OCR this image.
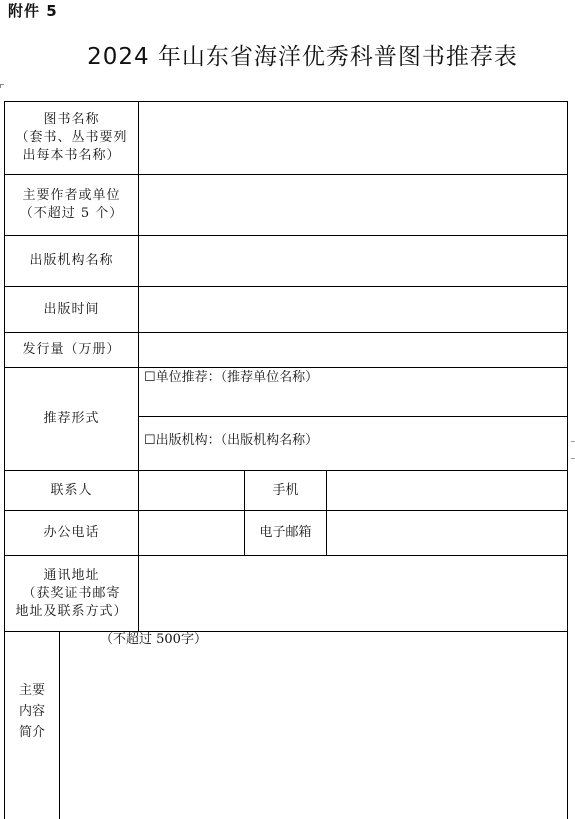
附件 5
2024 年山东省海洋优秀科普图书推荐表
图书名称
（套书、丛书要列
出每本书名称）
主要作者或单位
（不超过 5 个）
出版机构名称
出版时间
发行量（万册）
推荐形式
☐单位推荐：（推荐单位名称）
☐出版机构：（出版机构名称）
联系人	手机
办公电话	电子邮箱
通讯地址
（获奖证书邮寄
地址及联系方式）
主要
内容
简介
（不超过 500字）
